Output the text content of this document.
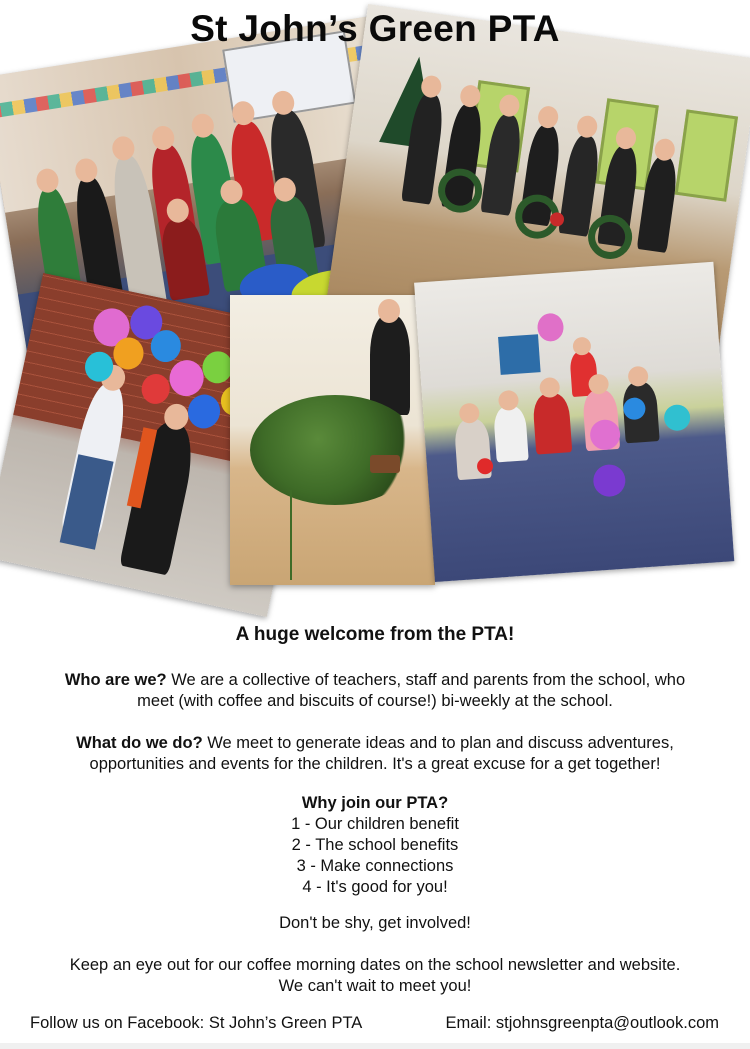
St John’s Green PTA
A huge welcome from the PTA!
Who are we? We are a collective of teachers, staff and parents from the school, who
meet (with coffee and biscuits of course!) bi-weekly at the school.
What do we do? We meet to generate ideas and to plan and discuss adventures,
opportunities and events for the children. It's a great excuse for a get together!
Why join our PTA?
1 - Our children benefit
2 - The school benefits
3 - Make connections
4 - It's good for you!
Don't be shy, get involved!
Keep an eye out for our coffee morning dates on the school newsletter and website.
We can't wait to meet you!
Follow us on Facebook: St John’s Green PTA	Email: stjohnsgreenpta@outlook.com
